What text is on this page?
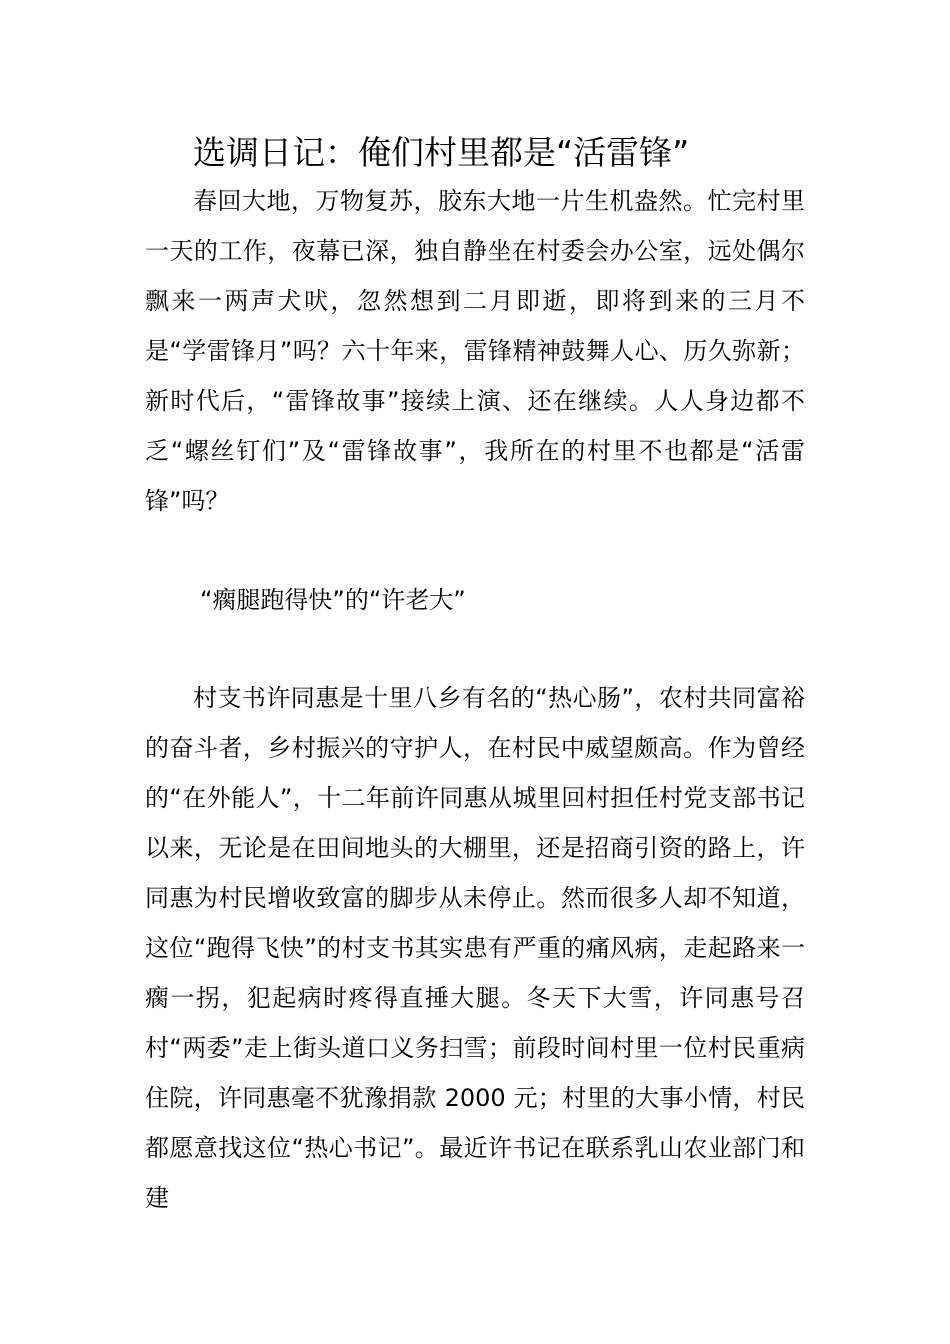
选调日记：俺们村里都是“活雷锋”
春回大地，万物复苏，胶东大地一片生机盎然。忙完村里一天的工作，夜幕已深，独自静坐在村委会办公室，远处偶尔飘来一两声犬吠，忽然想到二月即逝，即将到来的三月不是“学雷锋月”吗？六十年来，雷锋精神鼓舞人心、历久弥新；新时代后，“雷锋故事”接续上演、还在继续。人人身边都不乏“螺丝钉们”及“雷锋故事”，我所在的村里不也都是“活雷锋”吗？
“瘸腿跑得快”的“许老大”
村支书许同惠是十里八乡有名的“热心肠”，农村共同富裕的奋斗者，乡村振兴的守护人，在村民中威望颇高。作为曾经的“在外能人”，十二年前许同惠从城里回村担任村党支部书记以来，无论是在田间地头的大棚里，还是招商引资的路上，许同惠为村民增收致富的脚步从未停止。然而很多人却不知道，这位“跑得飞快”的村支书其实患有严重的痛风病，走起路来一瘸一拐，犯起病时疼得直捶大腿。冬天下大雪，许同惠号召村“两委”走上街头道口义务扫雪；前段时间村里一位村民重病住院，许同惠毫不犹豫捐款 2000 元；村里的大事小情，村民都愿意找这位“热心书记”。最近许书记在联系乳山农业部门和建
